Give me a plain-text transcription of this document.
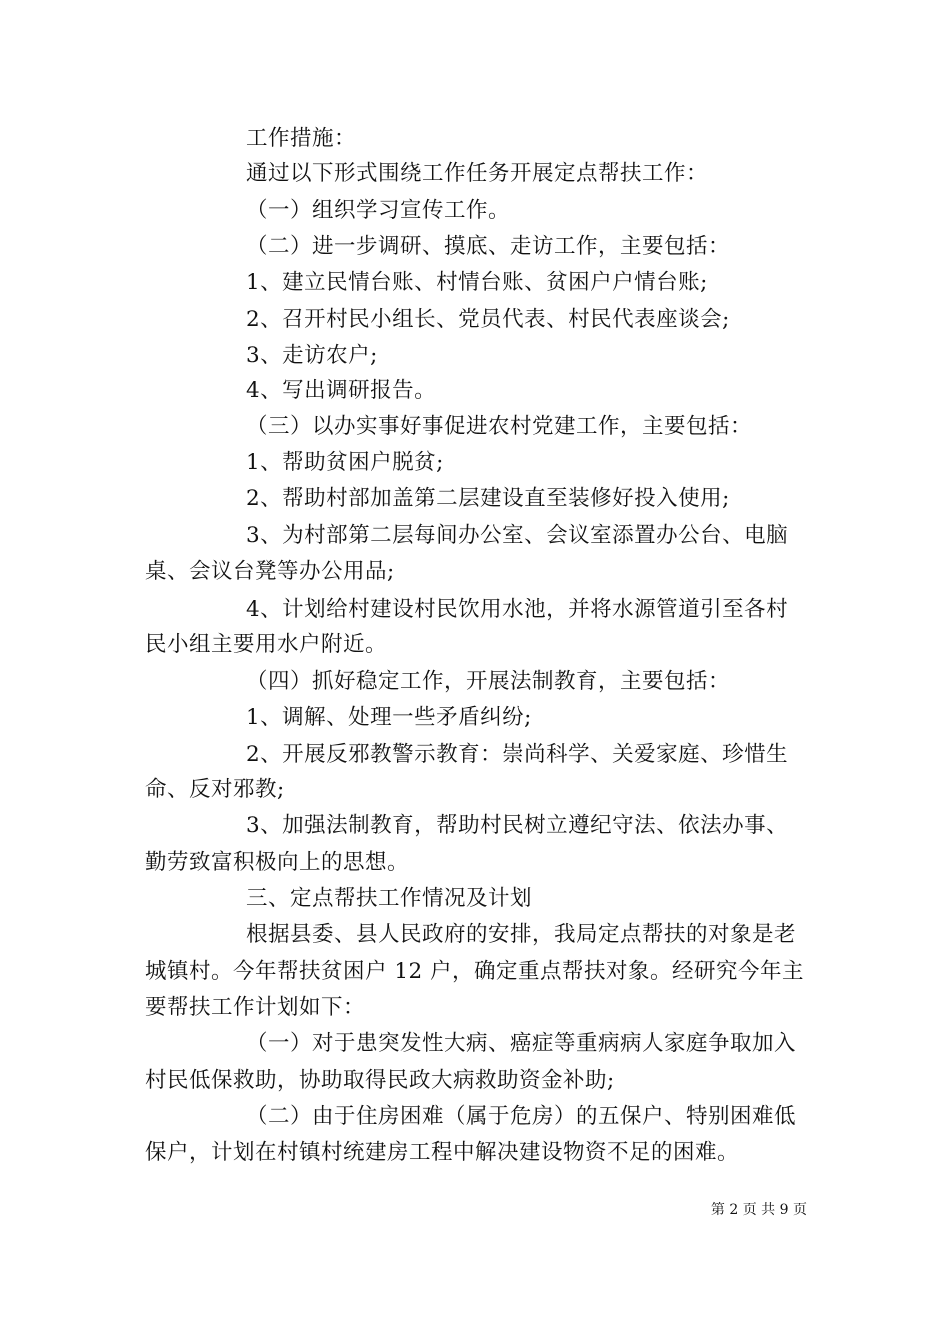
工作措施：
通过以下形式围绕工作任务开展定点帮扶工作：
（一）组织学习宣传工作。
（二）进一步调研、摸底、走访工作，主要包括：
1、建立民情台账、村情台账、贫困户户情台账;
2、召开村民小组长、党员代表、村民代表座谈会;
3、走访农户;
4、写出调研报告。
（三）以办实事好事促进农村党建工作，主要包括：
1、帮助贫困户脱贫;
2、帮助村部加盖第二层建设直至装修好投入使用;
3、为村部第二层每间办公室、会议室添置办公台、电脑
桌、会议台凳等办公用品;
4、计划给村建设村民饮用水池，并将水源管道引至各村
民小组主要用水户附近。
（四）抓好稳定工作，开展法制教育，主要包括：
1、调解、处理一些矛盾纠纷;
2、开展反邪教警示教育：崇尚科学、关爱家庭、珍惜生
命、反对邪教;
3、加强法制教育，帮助村民树立遵纪守法、依法办事、
勤劳致富积极向上的思想。
三、定点帮扶工作情况及计划
根据县委、县人民政府的安排，我局定点帮扶的对象是老
城镇村。今年帮扶贫困户 12 户，确定重点帮扶对象。经研究今年主
要帮扶工作计划如下：
（一）对于患突发性大病、癌症等重病病人家庭争取加入
村民低保救助，协助取得民政大病救助资金补助;
（二）由于住房困难（属于危房）的五保户、特别困难低
保户，计划在村镇村统建房工程中解决建设物资不足的困难。
第 2 页 共 9 页
